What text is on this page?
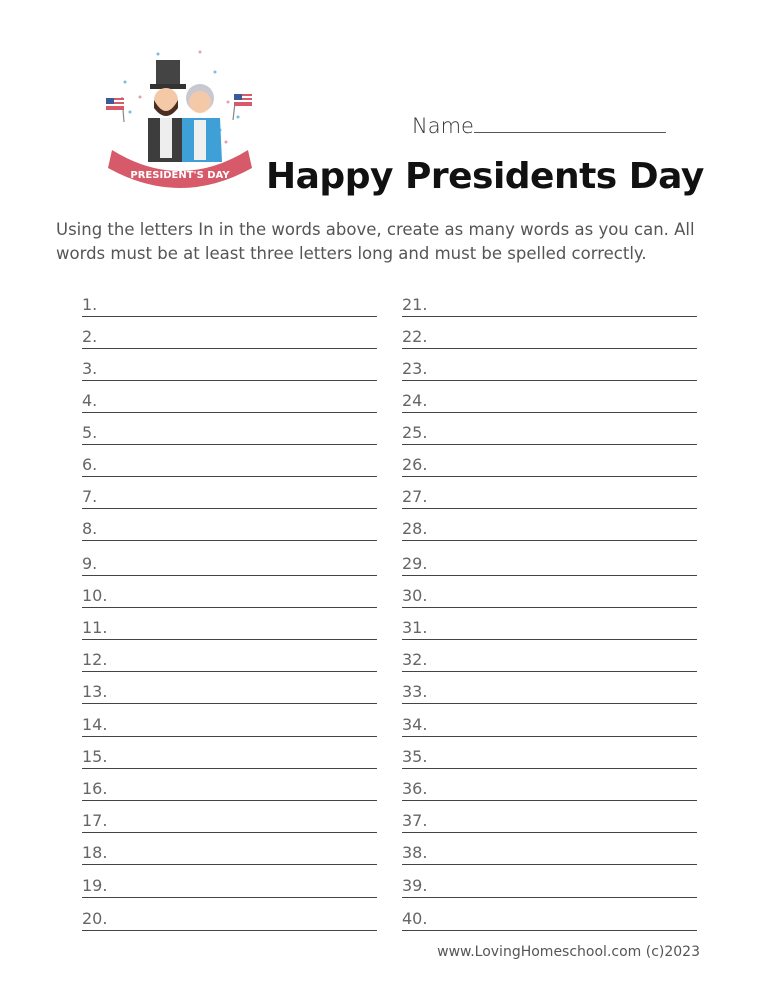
PRESIDENT'S DAY
Name
Happy Presidents Day
Using the letters In in the words above, create as many words as you can. All words must be at least three letters long and must be spelled correctly.
1.
2.
3.
4.
5.
6.
7.
8.
9.
10.
11.
12.
13.
14.
15.
16.
17.
18.
19.
20.
21.
22.
23.
24.
25.
26.
27.
28.
29.
30.
31.
32.
33.
34.
35.
36.
37.
38.
39.
40.
www.LovingHomeschool.com (c)2023
